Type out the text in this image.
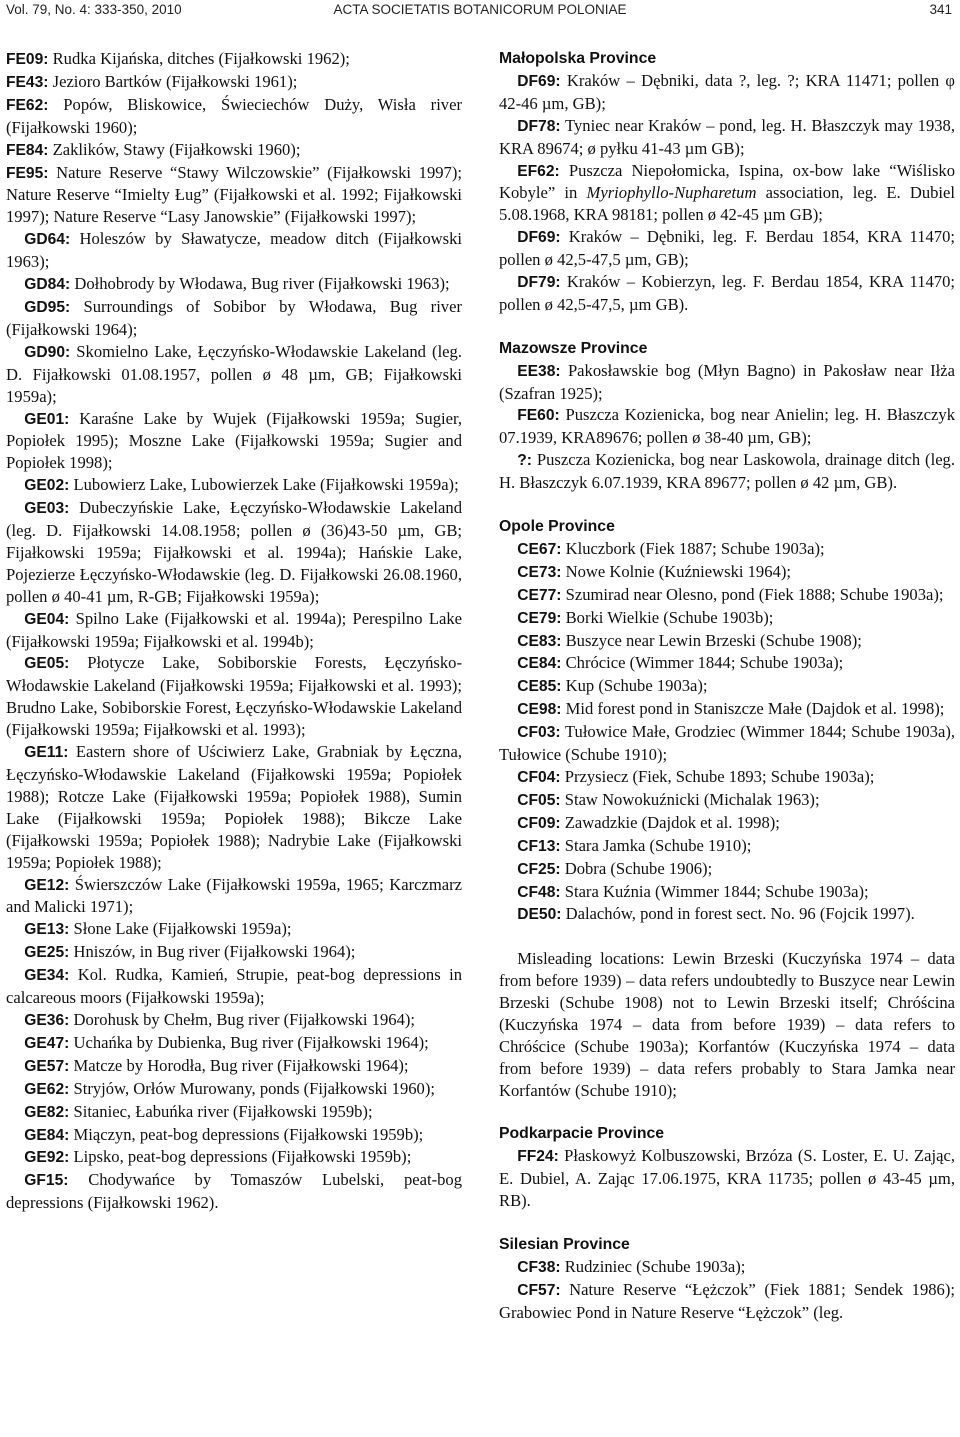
Vol. 79, No. 4: 333-350, 2010	ACTA SOCIETATIS BOTANICORUM POLONIAE	341

FE09: Rudka Kijańska, ditches (Fijałkowski 1962);

FE43: Jezioro Bartków (Fijałkowski 1961);

FE62: Popów, Bliskowice, Świeciechów Duży, Wisła river (Fijałkowski 1960);

FE84: Zaklików, Stawy (Fijałkowski 1960);

FE95: Nature Reserve “Stawy Wilczowskie” (Fijałkowski 1997); Nature Reserve “Imielty Ług” (Fijałkowski et al. 1992; Fijałkowski 1997); Nature Reserve “Lasy Janowskie” (Fijałkowski 1997);

GD64: Holeszów by Sławatycze, meadow ditch (Fijałkowski 1963);

GD84: Dołhobrody by Włodawa, Bug river (Fijałkowski 1963);

GD95: Surroundings of Sobibor by Włodawa, Bug river (Fijałkowski 1964);

GD90: Skomielno Lake, Łęczyńsko-Włodawskie Lakeland (leg. D. Fijałkowski 01.08.1957, pollen ø 48 µm, GB; Fijałkowski 1959a);

GE01: Karaśne Lake by Wujek (Fijałkowski 1959a; Sugier, Popiołek 1995); Moszne Lake (Fijałkowski 1959a; Sugier and Popiołek 1998);

GE02: Lubowierz Lake, Lubowierzek Lake (Fijałkowski 1959a);

GE03: Dubeczyńskie Lake, Łęczyńsko-Włodawskie Lakeland (leg. D. Fijałkowski 14.08.1958; pollen ø (36)43-50 µm, GB; Fijałkowski 1959a; Fijałkowski et al. 1994a); Hańskie Lake, Pojezierze Łęczyńsko-Włodawskie (leg. D. Fijałkowski 26.08.1960, pollen ø 40-41 µm, R-GB; Fijałkowski 1959a);

GE04: Spilno Lake (Fijałkowski et al. 1994a); Perespilno Lake (Fijałkowski 1959a; Fijałkowski et al. 1994b);

GE05: Płotycze Lake, Sobiborskie Forests, Łęczyńsko-Włodawskie Lakeland (Fijałkowski 1959a; Fijałkowski et al. 1993); Brudno Lake, Sobiborskie Forest, Łęczyńsko-Włodawskie Lakeland (Fijałkowski 1959a; Fijałkowski et al. 1993);

GE11: Eastern shore of Uściwierz Lake, Grabniak by Łęczna, Łęczyńsko-Włodawskie Lakeland (Fijałkowski 1959a; Popiołek 1988); Rotcze Lake (Fijałkowski 1959a; Popiołek 1988), Sumin Lake (Fijałkowski 1959a; Popiołek 1988); Bikcze Lake (Fijałkowski 1959a; Popiołek 1988); Nadrybie Lake (Fijałkowski 1959a; Popiołek 1988);

GE12: Świerszczów Lake (Fijałkowski 1959a, 1965; Karczmarz and Malicki 1971);

GE13: Słone Lake (Fijałkowski 1959a);

GE25: Hniszów, in Bug river (Fijałkowski 1964);

GE34: Kol. Rudka, Kamień, Strupie, peat-bog depressions in calcareous moors (Fijałkowski 1959a);

GE36: Dorohusk by Chełm, Bug river (Fijałkowski 1964);

GE47: Uchańka by Dubienka, Bug river (Fijałkowski 1964);

GE57: Matcze by Horodła, Bug river (Fijałkowski 1964);

GE62: Stryjów, Orłów Murowany, ponds (Fijałkowski 1960);

GE82: Sitaniec, Łabuńka river (Fijałkowski 1959b);

GE84: Miączyn, peat-bog depressions (Fijałkowski 1959b);

GE92: Lipsko, peat-bog depressions (Fijałkowski 1959b);

GF15: Chodywańce by Tomaszów Lubelski, peat-bog depressions (Fijałkowski 1962).

Małopolska Province

DF69: Kraków – Dębniki, data ?, leg. ?; KRA 11471; pollen φ 42-46 µm, GB);

DF78: Tyniec near Kraków – pond, leg. H. Błaszczyk may 1938, KRA 89674; ø pyłku 41-43 µm GB);

EF62: Puszcza Niepołomicka, Ispina, ox-bow lake “Wiślisko Kobyle” in Myriophyllo-Nupharetum association, leg. E. Dubiel 5.08.1968, KRA 98181; pollen ø 42-45 µm GB);

DF69: Kraków – Dębniki, leg. F. Berdau 1854, KRA 11470; pollen ø 42,5-47,5 µm, GB);

DF79: Kraków – Kobierzyn, leg. F. Berdau 1854, KRA 11470; pollen ø 42,5-47,5, µm GB).

Mazowsze Province

EE38: Pakosławskie bog (Młyn Bagno) in Pakosław near Iłża (Szafran 1925);

FE60: Puszcza Kozienicka, bog near Anielin; leg. H. Błaszczyk 07.1939, KRA89676; pollen ø 38-40 µm, GB);

?: Puszcza Kozienicka, bog near Laskowola, drainage ditch (leg. H. Błaszczyk 6.07.1939, KRA 89677; pollen ø 42 µm, GB).

Opole Province

CE67: Kluczbork (Fiek 1887; Schube 1903a);

CE73: Nowe Kolnie (Kuźniewski 1964);

CE77: Szumirad near Olesno, pond (Fiek 1888; Schube 1903a);

CE79: Borki Wielkie (Schube 1903b);

CE83: Buszyce near Lewin Brzeski (Schube 1908);

CE84: Chrócice (Wimmer 1844; Schube 1903a);

CE85: Kup (Schube 1903a);

CE98: Mid forest pond in Staniszcze Małe (Dajdok et al. 1998);

CF03: Tułowice Małe, Grodziec (Wimmer 1844; Schube 1903a), Tułowice (Schube 1910);

CF04: Przysiecz (Fiek, Schube 1893; Schube 1903a);

CF05: Staw Nowokuźnicki (Michalak 1963);

CF09: Zawadzkie (Dajdok et al. 1998);

CF13: Stara Jamka (Schube 1910);

CF25: Dobra (Schube 1906);

CF48: Stara Kuźnia (Wimmer 1844; Schube 1903a);

DE50: Dalachów, pond in forest sect. No. 96 (Fojcik 1997).

Misleading locations: Lewin Brzeski (Kuczyńska 1974 – data from before 1939) – data refers undoubtedly to Buszyce near Lewin Brzeski (Schube 1908) not to Lewin Brzeski itself; Chróścina (Kuczyńska 1974 – data from before 1939) – data refers to Chróścice (Schube 1903a); Korfantów (Kuczyńska 1974 – data from before 1939) – data refers probably to Stara Jamka near Korfantów (Schube 1910);

Podkarpacie Province

FF24: Płaskowyż Kolbuszowski, Brzóza (S. Loster, E. U. Zając, E. Dubiel, A. Zając 17.06.1975, KRA 11735; pollen ø 43-45 µm, RB).

Silesian Province

CF38: Rudziniec (Schube 1903a);

CF57: Nature Reserve “Łężczok” (Fiek 1881; Sendek 1986); Grabowiec Pond in Nature Reserve “Łężczok” (leg.
